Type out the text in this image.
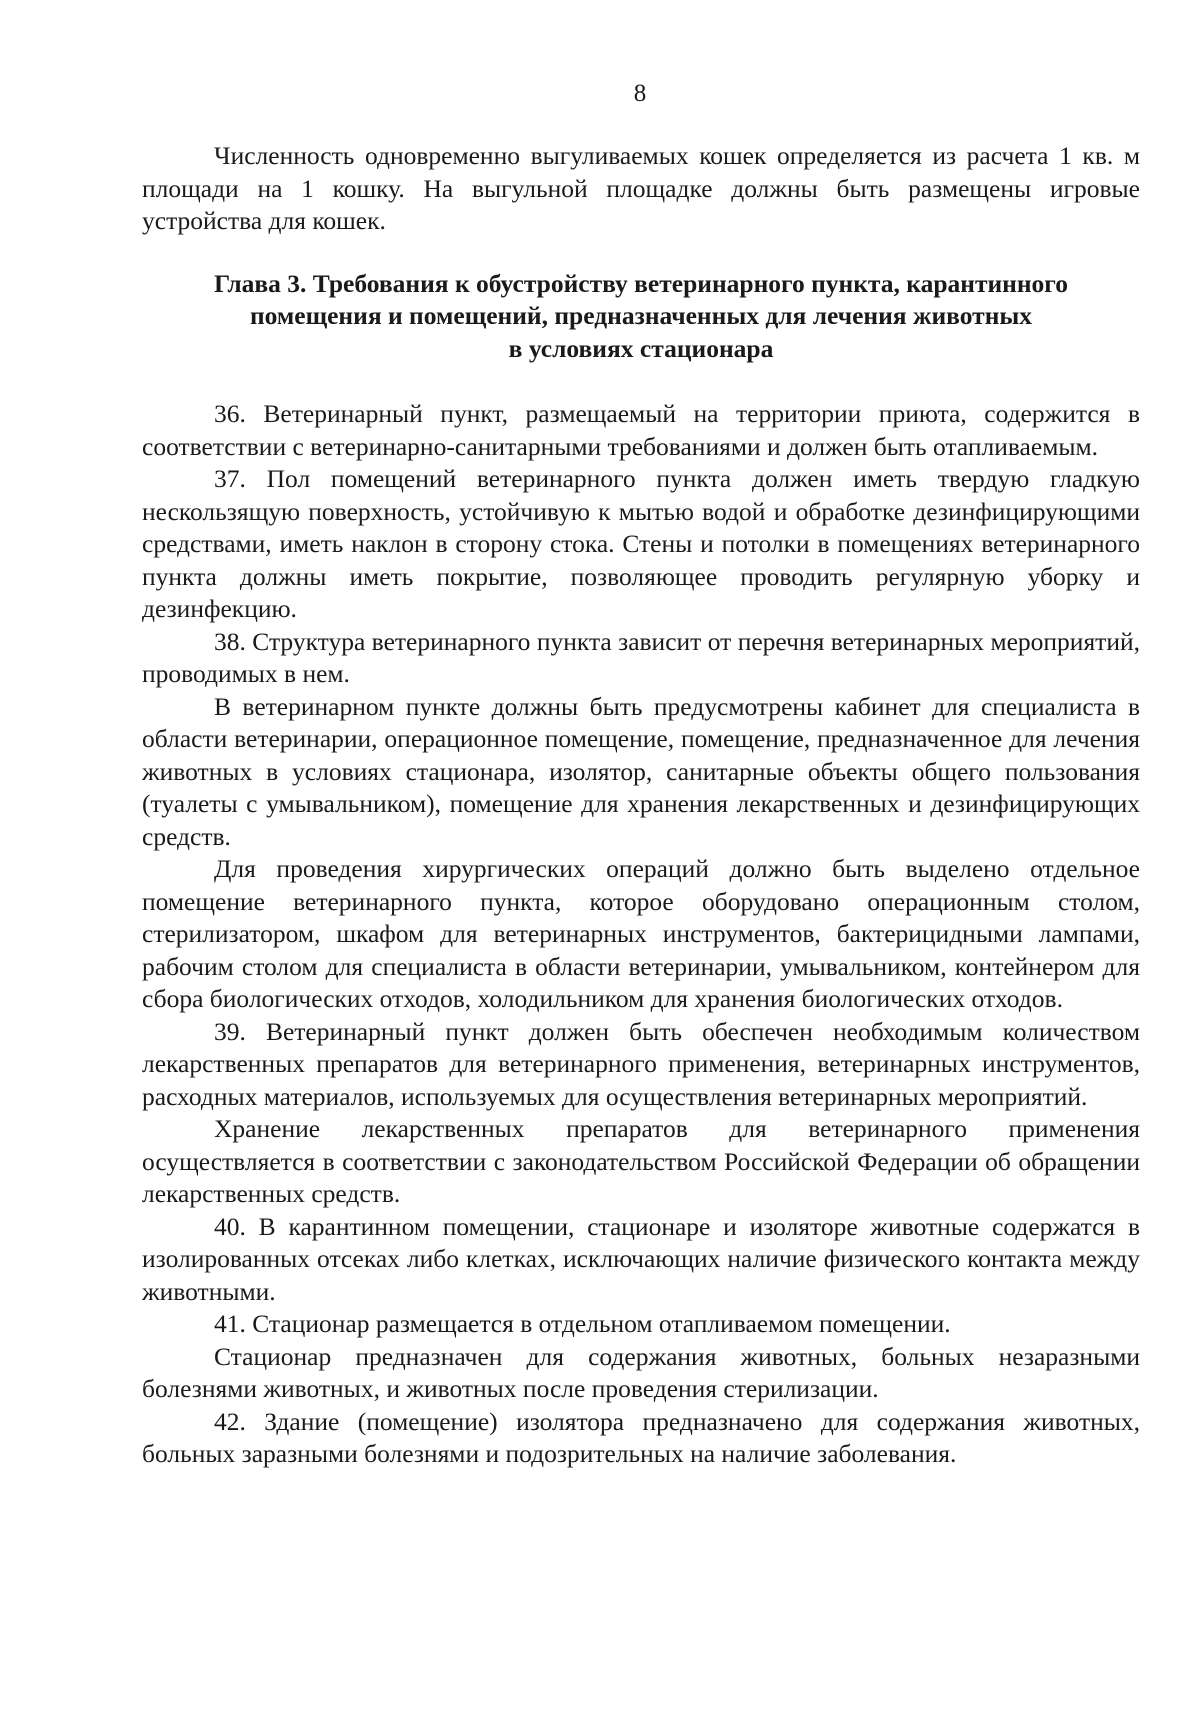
8

Численность одновременно выгуливаемых кошек определяется из расчета 1 кв. м площади на 1 кошку. На выгульной площадке должны быть размещены игровые устройства для кошек.

Глава 3. Требования к обустройству ветеринарного пункта, карантинного
помещения и помещений, предназначенных для лечения животных
в условиях стационара

36. Ветеринарный пункт, размещаемый на территории приюта, содержится в соответствии с ветеринарно-санитарными требованиями и должен быть отапливаемым.

37. Пол помещений ветеринарного пункта должен иметь твердую гладкую нескользящую поверхность, устойчивую к мытью водой и обработке дезинфицирующими средствами, иметь наклон в сторону стока. Стены и потолки в помещениях ветеринарного пункта должны иметь покрытие, позволяющее проводить регулярную уборку и дезинфекцию.

38. Структура ветеринарного пункта зависит от перечня ветеринарных мероприятий, проводимых в нем.

В ветеринарном пункте должны быть предусмотрены кабинет для специалиста в области ветеринарии, операционное помещение, помещение, предназначенное для лечения животных в условиях стационара, изолятор, санитарные объекты общего пользования (туалеты с умывальником), помещение для хранения лекарственных и дезинфицирующих средств.

Для проведения хирургических операций должно быть выделено отдельное помещение ветеринарного пункта, которое оборудовано операционным столом, стерилизатором, шкафом для ветеринарных инструментов, бактерицидными лампами, рабочим столом для специалиста в области ветеринарии, умывальником, контейнером для сбора биологических отходов, холодильником для хранения биологических отходов.

39. Ветеринарный пункт должен быть обеспечен необходимым количеством лекарственных препаратов для ветеринарного применения, ветеринарных инструментов, расходных материалов, используемых для осуществления ветеринарных мероприятий.

Хранение лекарственных препаратов для ветеринарного применения осуществляется в соответствии с законодательством Российской Федерации об обращении лекарственных средств.

40. В карантинном помещении, стационаре и изоляторе животные содержатся в изолированных отсеках либо клетках, исключающих наличие физического контакта между животными.

41. Стационар размещается в отдельном отапливаемом помещении.

Стационар предназначен для содержания животных, больных незаразными болезнями животных, и животных после проведения стерилизации.

42. Здание (помещение) изолятора предназначено для содержания животных, больных заразными болезнями и подозрительных на наличие заболевания.
